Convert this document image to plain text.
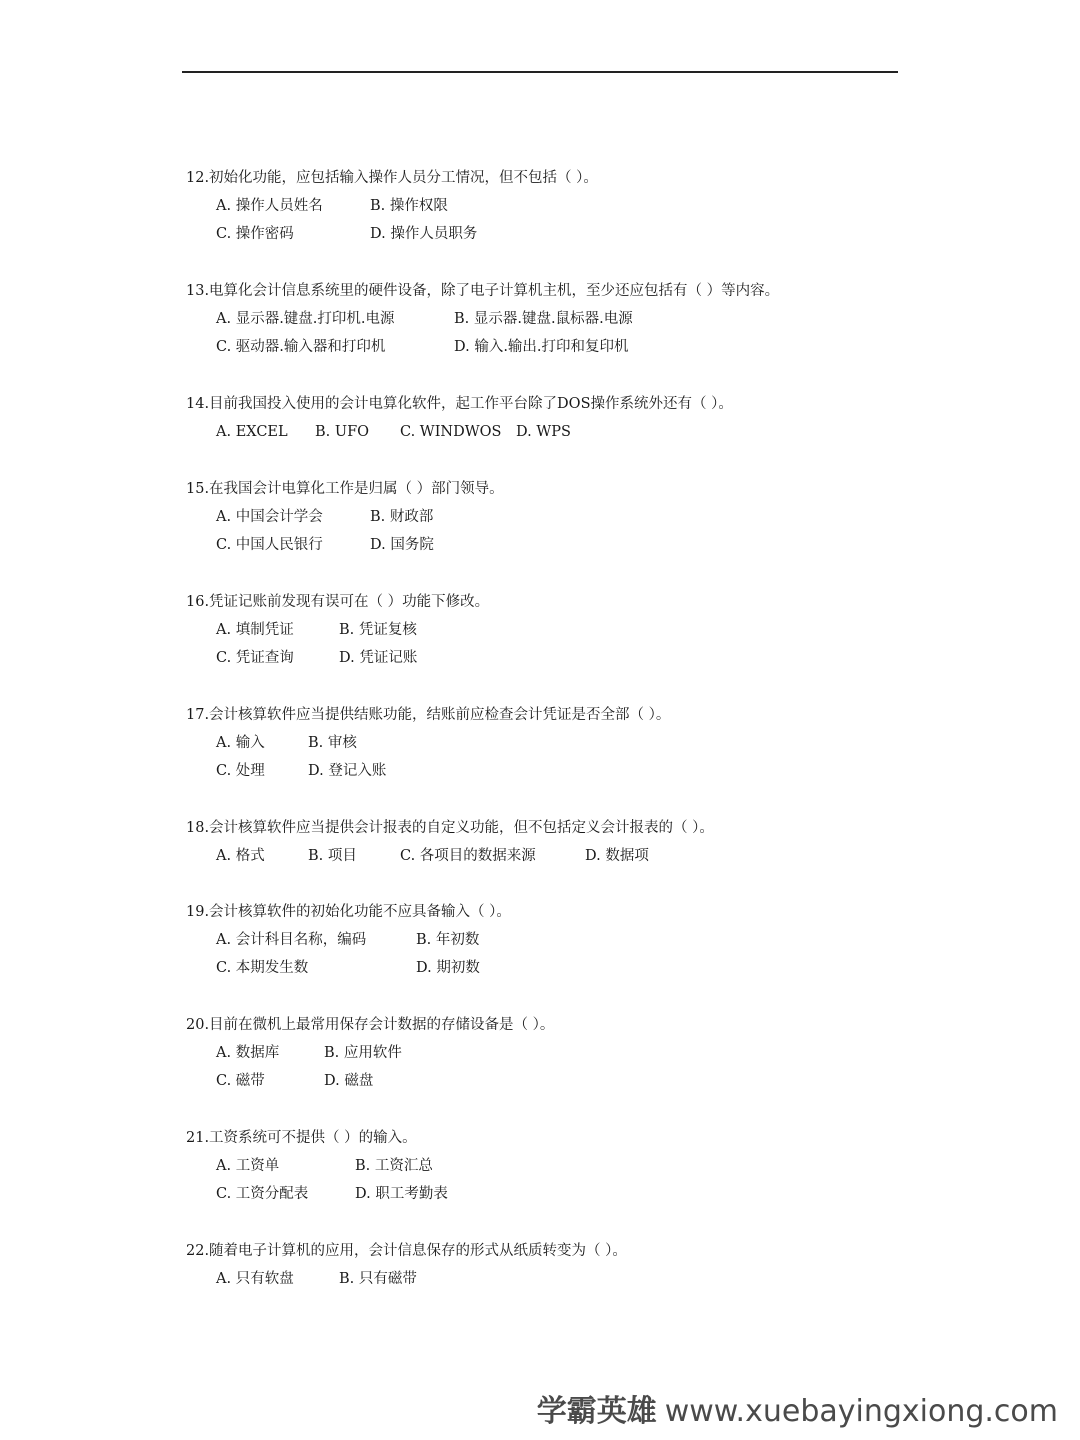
12.初始化功能，应包括输入操作人员分工情况，但不包括（ ）。
A. 操作人员姓名	B. 操作权限
C. 操作密码	D. 操作人员职务
13.电算化会计信息系统里的硬件设备，除了电子计算机主机，至少还应包括有（ ）等内容。
A. 显示器.键盘.打印机.电源	B. 显示器.键盘.鼠标器.电源
C. 驱动器.输入器和打印机	D. 输入.输出.打印和复印机
14.目前我国投入使用的会计电算化软件，起工作平台除了DOS操作系统外还有（ ）。
A. EXCEL B. UFO C. WINDWOS D. WPS
15.在我国会计电算化工作是归属（ ）部门领导。
A. 中国会计学会	B. 财政部
C. 中国人民银行	D. 国务院
16.凭证记账前发现有误可在（ ）功能下修改。
A. 填制凭证	B. 凭证复核
C. 凭证查询	D. 凭证记账
17.会计核算软件应当提供结账功能，结账前应检查会计凭证是否全部（ ）。
A. 输入	B. 审核
C. 处理	D. 登记入账
18.会计核算软件应当提供会计报表的自定义功能，但不包括定义会计报表的（ ）。
A. 格式	B. 项目	C. 各项目的数据来源	D. 数据项
19.会计核算软件的初始化功能不应具备输入（ ）。
A. 会计科目名称，编码	B. 年初数
C. 本期发生数	D. 期初数
20.目前在微机上最常用保存会计数据的存储设备是（ ）。
A. 数据库	B. 应用软件
C. 磁带	D. 磁盘
21.工资系统可不提供（ ）的输入。
A. 工资单	B. 工资汇总
C. 工资分配表	D. 职工考勤表
22.随着电子计算机的应用，会计信息保存的形式从纸质转变为（ ）。
A. 只有软盘	B. 只有磁带
学霸英雄 www.xuebayingxiong.com
